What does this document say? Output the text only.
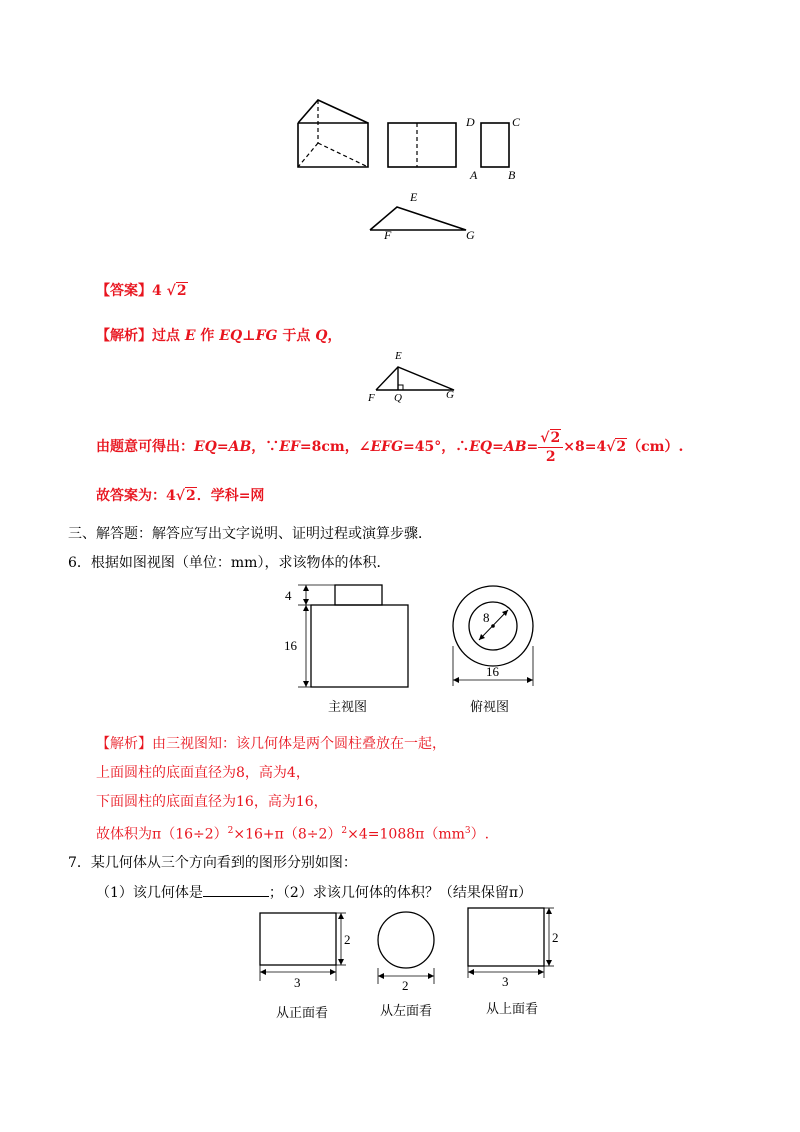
D	C
A	B
E
F	G
【答案】4 √2
【解析】过点 E 作 EQ⊥FG 于点 Q，
E
F Q	G
由题意可得出：EQ=AB，∵EF=8cm，∠EFG=45°，∴EQ=AB= $\frac{√2}{2} \times 8=4√2(cm)$.
故答案为：4√2．学科=网
三、解答题：解答应写出文字说明、证明过程或演算步骤．
6．根据如图视图（单位：mm），求该物体的体积．
4
16
主视图
8
16
俯视图
【解析】由三视图知：该几何体是两个圆柱叠放在一起，
上面圆柱的底面直径为8，高为4，
下面圆柱的底面直径为16，高为16，
故体积为$\pi(16\div 2)^2\times 16+\pi(8\div 2)^2\times 4=1088\pi(mm^3)$.
7．某几何体从三个方向看到的图形分别如图：
（1）该几何体是	；（2）求该几何体的体积？（结果保留π）
2
3
从正面看
2
从左面看
2
3
从上面看
